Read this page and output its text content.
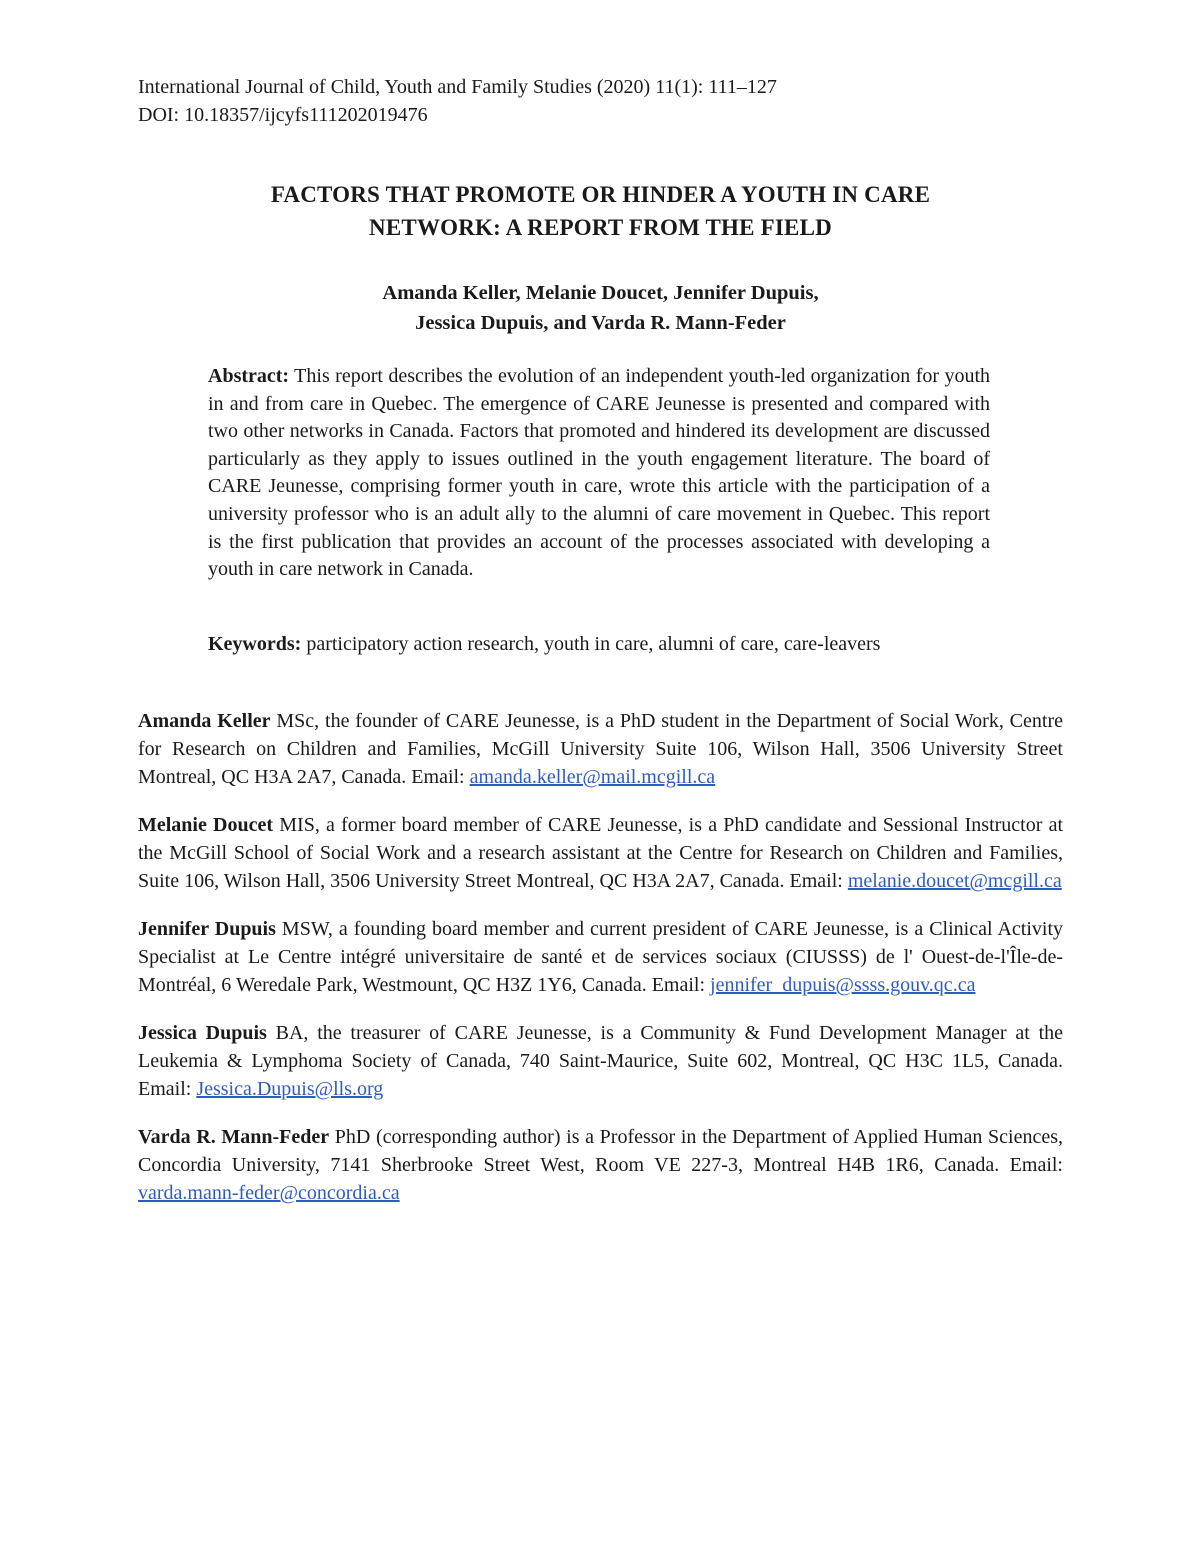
International Journal of Child, Youth and Family Studies (2020) 11(1): 111–127
DOI: 10.18357/ijcyfs111202019476
FACTORS THAT PROMOTE OR HINDER A YOUTH IN CARE
NETWORK: A REPORT FROM THE FIELD
Amanda Keller, Melanie Doucet, Jennifer Dupuis,
Jessica Dupuis, and Varda R. Mann-Feder

Abstract: This report describes the evolution of an independent youth-led organization for youth in and from care in Quebec. The emergence of CARE Jeunesse is presented and compared with two other networks in Canada. Factors that promoted and hindered its development are discussed particularly as they apply to issues outlined in the youth engagement literature. The board of CARE Jeunesse, comprising former youth in care, wrote this article with the participation of a university professor who is an adult ally to the alumni of care movement in Quebec. This report is the first publication that provides an account of the processes associated with developing a youth in care network in Canada.

Keywords: participatory action research, youth in care, alumni of care, care-leavers

Amanda Keller MSc, the founder of CARE Jeunesse, is a PhD student in the Department of Social Work, Centre for Research on Children and Families, McGill University Suite 106, Wilson Hall, 3506 University Street Montreal, QC H3A 2A7, Canada. Email: amanda.keller@mail.mcgill.ca

Melanie Doucet MIS, a former board member of CARE Jeunesse, is a PhD candidate and Sessional Instructor at the McGill School of Social Work and a research assistant at the Centre for Research on Children and Families, Suite 106, Wilson Hall, 3506 University Street Montreal, QC H3A 2A7, Canada. Email: melanie.doucet@mcgill.ca

Jennifer Dupuis MSW, a founding board member and current president of CARE Jeunesse, is a Clinical Activity Specialist at Le Centre intégré universitaire de santé et de services sociaux (CIUSSS) de l' Ouest-de-l'Île-de-Montréal, 6 Weredale Park, Westmount, QC H3Z 1Y6, Canada. Email: jennifer_dupuis@ssss.gouv.qc.ca

Jessica Dupuis BA, the treasurer of CARE Jeunesse, is a Community & Fund Development Manager at the Leukemia & Lymphoma Society of Canada, 740 Saint-Maurice, Suite 602, Montreal, QC H3C 1L5, Canada. Email: Jessica.Dupuis@lls.org

Varda R. Mann-Feder PhD (corresponding author) is a Professor in the Department of Applied Human Sciences, Concordia University, 7141 Sherbrooke Street West, Room VE 227-3, Montreal H4B 1R6, Canada. Email: varda.mann-feder@concordia.ca
